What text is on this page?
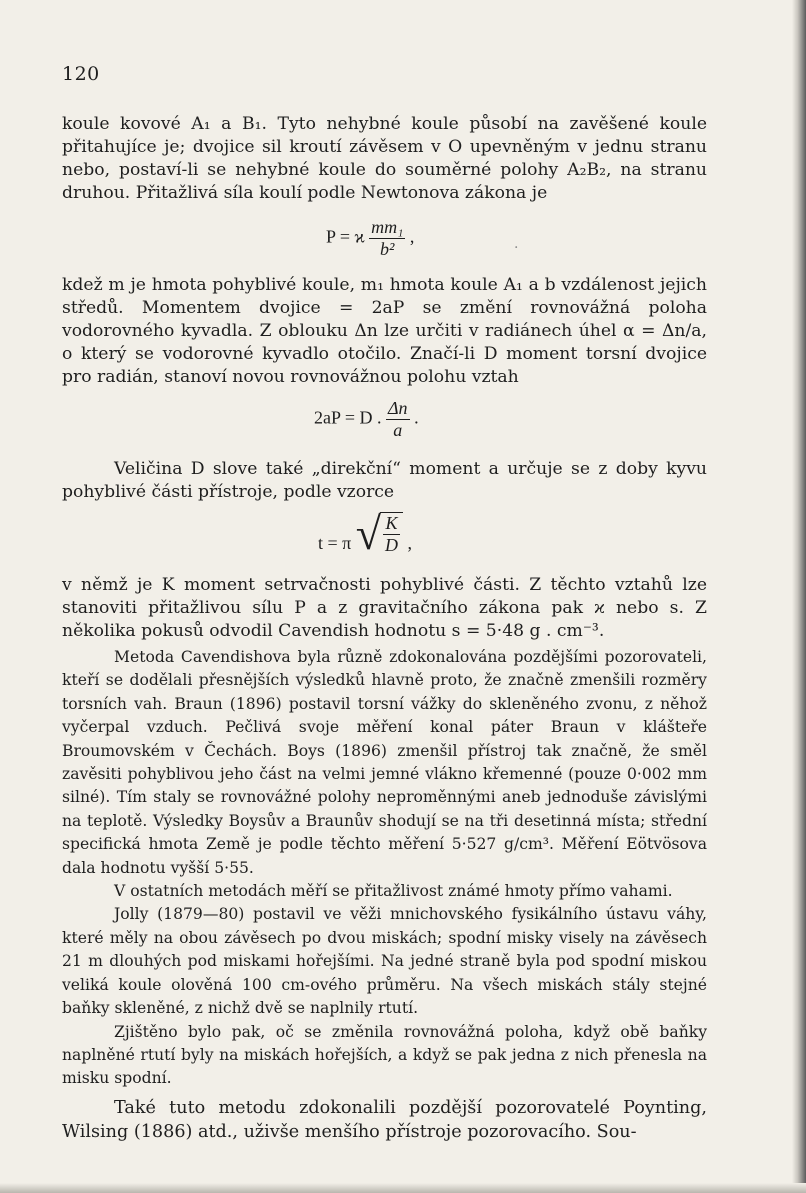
120

koule kovové A₁ a B₁. Tyto nehybné koule působí na zavěšené koule přitahujíce je; dvojice sil kroutí závěsem v O upevněným v jednu stranu nebo, postaví-li se nehybné koule do souměrné polohy A₂B₂, na stranu druhou. Přitažlivá síla koulí podle Newtonova zákona je

P = ϰ $\frac{\text{mm₁}}{\text{b²}}$ ,
·

kdež m je hmota pohyblivé koule, m₁ hmota koule A₁ a b vzdálenost jejich středů. Momentem dvojice = 2aP se změní rovnovážná poloha vodorovného kyvadla. Z oblouku Δn lze určiti v radiánech úhel α = Δn/a, o který se vodorovné kyvadlo otočilo. Značí-li D moment torsní dvojice pro radián, stanoví novou rovnovážnou polohu vztah

2aP = D . $\frac{\Delta n}{a}$ .

Veličina D slove také „direkční“ moment a určuje se z doby kyvu pohyblivé části přístroje, podle vzorce

t = π √ $\frac{K}{D}$ ,

v němž je K moment setrvačnosti pohyblivé části. Z těchto vztahů lze stanoviti přitažlivou sílu P a z gravitačního zákona pak ϰ nebo s. Z několika pokusů odvodil Cavendish hodnotu s = 5·48 g . cm⁻³.

Metoda Cavendishova byla různě zdokonalována pozdějšími pozorovateli, kteří se dodělali přesnějších výsledků hlavně proto, že značně zmenšili rozměry torsních vah. Braun (1896) postavil torsní vážky do skleněného zvonu, z něhož vyčerpal vzduch. Pečlivá svoje měření konal páter Braun v klášteře Broumovském v Čechách. Boys (1896) zmenšil přístroj tak značně, že směl zavěsiti pohyblivou jeho část na velmi jemné vlákno křemenné (pouze 0·002 mm silné). Tím staly se rovnovážné polohy neproměnnými aneb jednoduše závislými na teplotě. Výsledky Boysův a Braunův shodují se na tři desetinná místa; střední specifická hmota Země je podle těchto měření 5·527 g/cm³. Měření Eötvösova dala hodnotu vyšší 5·55.

V ostatních metodách měří se přitažlivost známé hmoty přímo vahami.

Jolly (1879—80) postavil ve věži mnichovského fysikálního ústavu váhy, které měly na obou závěsech po dvou miskách; spodní misky visely na závěsech 21 m dlouhých pod miskami hořejšími. Na jedné straně byla pod spodní miskou veliká koule olověná 100 cm-ového průměru. Na všech miskách stály stejné baňky skleněné, z nichž dvě se naplnily rtutí.

Zjištěno bylo pak, oč se změnila rovnovážná poloha, když obě baňky naplněné rtutí byly na miskách hořejších, a když se pak jedna z nich přenesla na misku spodní.

Také tuto metodu zdokonalili pozdější pozorovatelé Poynting, Wilsing (1886) atd., uživše menšího přístroje pozorovacího. Sou-
